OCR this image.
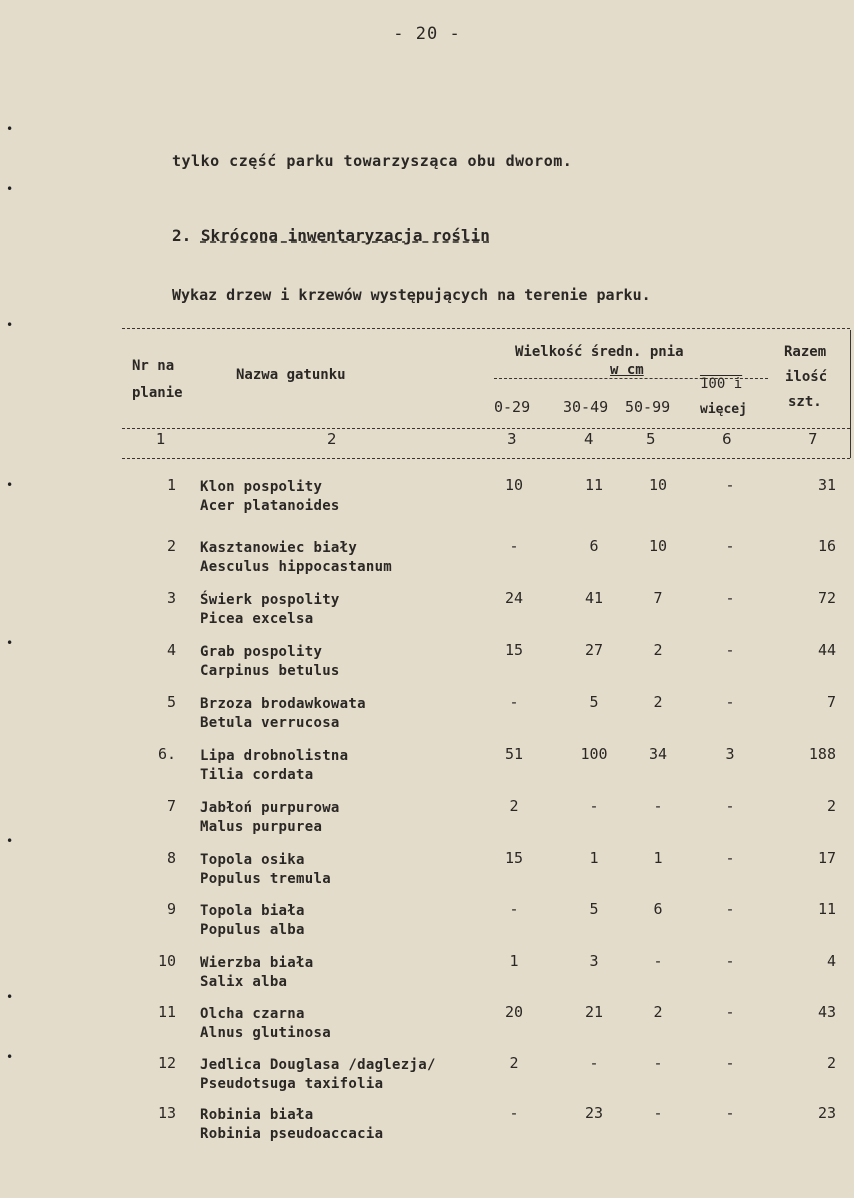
- 20 -
tylko część parku towarzysząca obu dworom.
2. Skrócona inwentaryzacja roślin
Wykaz drzew i krzewów występujących na terenie parku.
Nr na
planie
Nazwa gatunku
Wielkość średn. pnia
w cm
0-29 30-49 50-99
100 i
więcej
Razem
ilość
szt.
1	2	3	4	5	6	7
1 Klon pospolity
Acer platanoides
10	11	10	-	31
2 Kasztanowiec biały
Aesculus hippocastanum
-	6	10	-	16
3 Świerk pospolity
Picea excelsa
24	41	7	-	72
4 Grab pospolity
Carpinus betulus
15	27	2	-	44
5 Brzoza brodawkowata
Betula verrucosa
-	5	2	-	7
6. Lipa drobnolistna
Tilia cordata
51	100	34	3	188
7 Jabłoń purpurowa
Malus purpurea
2	-	-	-	2
8 Topola osika
Populus tremula
15	1	1	-	17
9 Topola biała
Populus alba
-	5	6	-	11
10 Wierzba biała
Salix alba
1	3	-	-	4
11 Olcha czarna
Alnus glutinosa
20	21	2	-	43
12 Jedlica Douglasa /daglezja/
Pseudotsuga taxifolia
2	-	-	-	2
13 Robinia biała
Robinia pseudoaccacia
-	23	-	-	23
•
•
•
•
•
•
•
•
